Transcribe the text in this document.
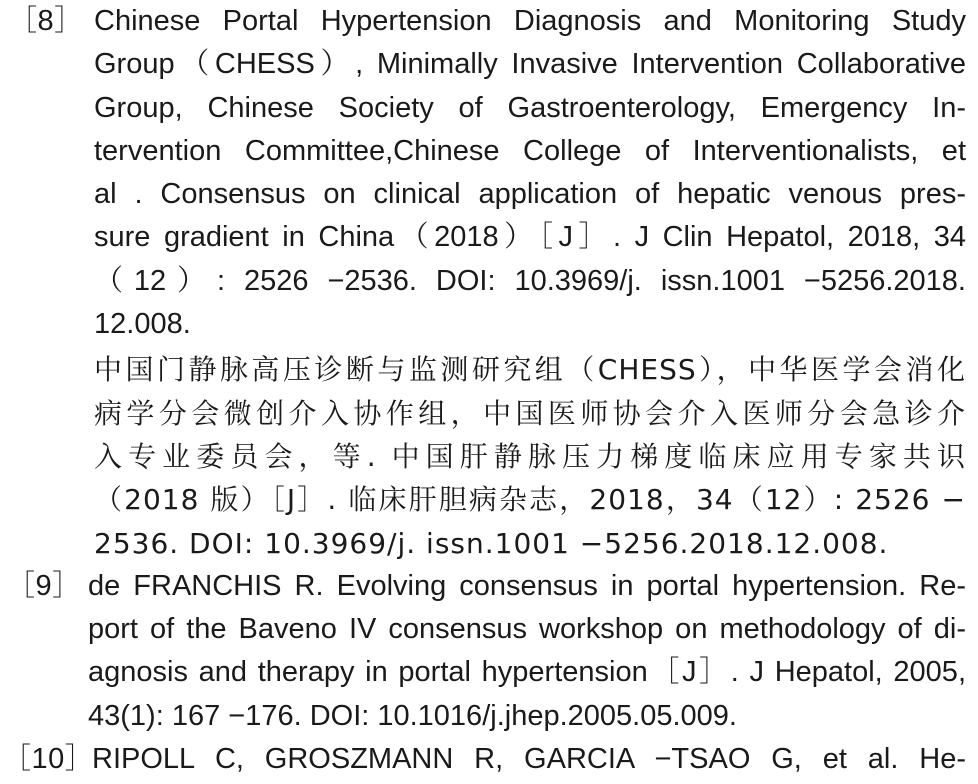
［8］ Chinese Portal Hypertension Diagnosis and Monitoring Study
Group（CHESS）, Minimally Invasive Intervention Collaborative
Group, Chinese Society of Gastroenterology, Emergency In-
tervention Committee,Chinese College of Interventionalists, et
al . Consensus on clinical application of hepatic venous pres-
sure gradient in China（2018）［J］. J Clin Hepatol, 2018, 34
（12）: 2526 −2536. DOI: 10.3969/j. issn.1001 −5256.2018.
12.008.
中国门静脉高压诊断与监测研究组（CHESS），中华医学会消化
病学分会微创介入协作组，中国医师协会介入医师分会急诊介
入专业委员会，等. 中国肝静脉压力梯度临床应用专家共识
（2018 版）［J］. 临床肝胆病杂志，2018，34（12）: 2526 −
2536. DOI: 10.3969/j. issn.1001 −5256.2018.12.008.
［9］ de FRANCHIS R. Evolving consensus in portal hypertension. Re-
port of the Baveno IV consensus workshop on methodology of di-
agnosis and therapy in portal hypertension［J］. J Hepatol, 2005,
43(1): 167 −176. DOI: 10.1016/j.jhep.2005.05.009.
［10］
RIPOLL C, GROSZMANN R, GARCIA −TSAO G, et al. He-
